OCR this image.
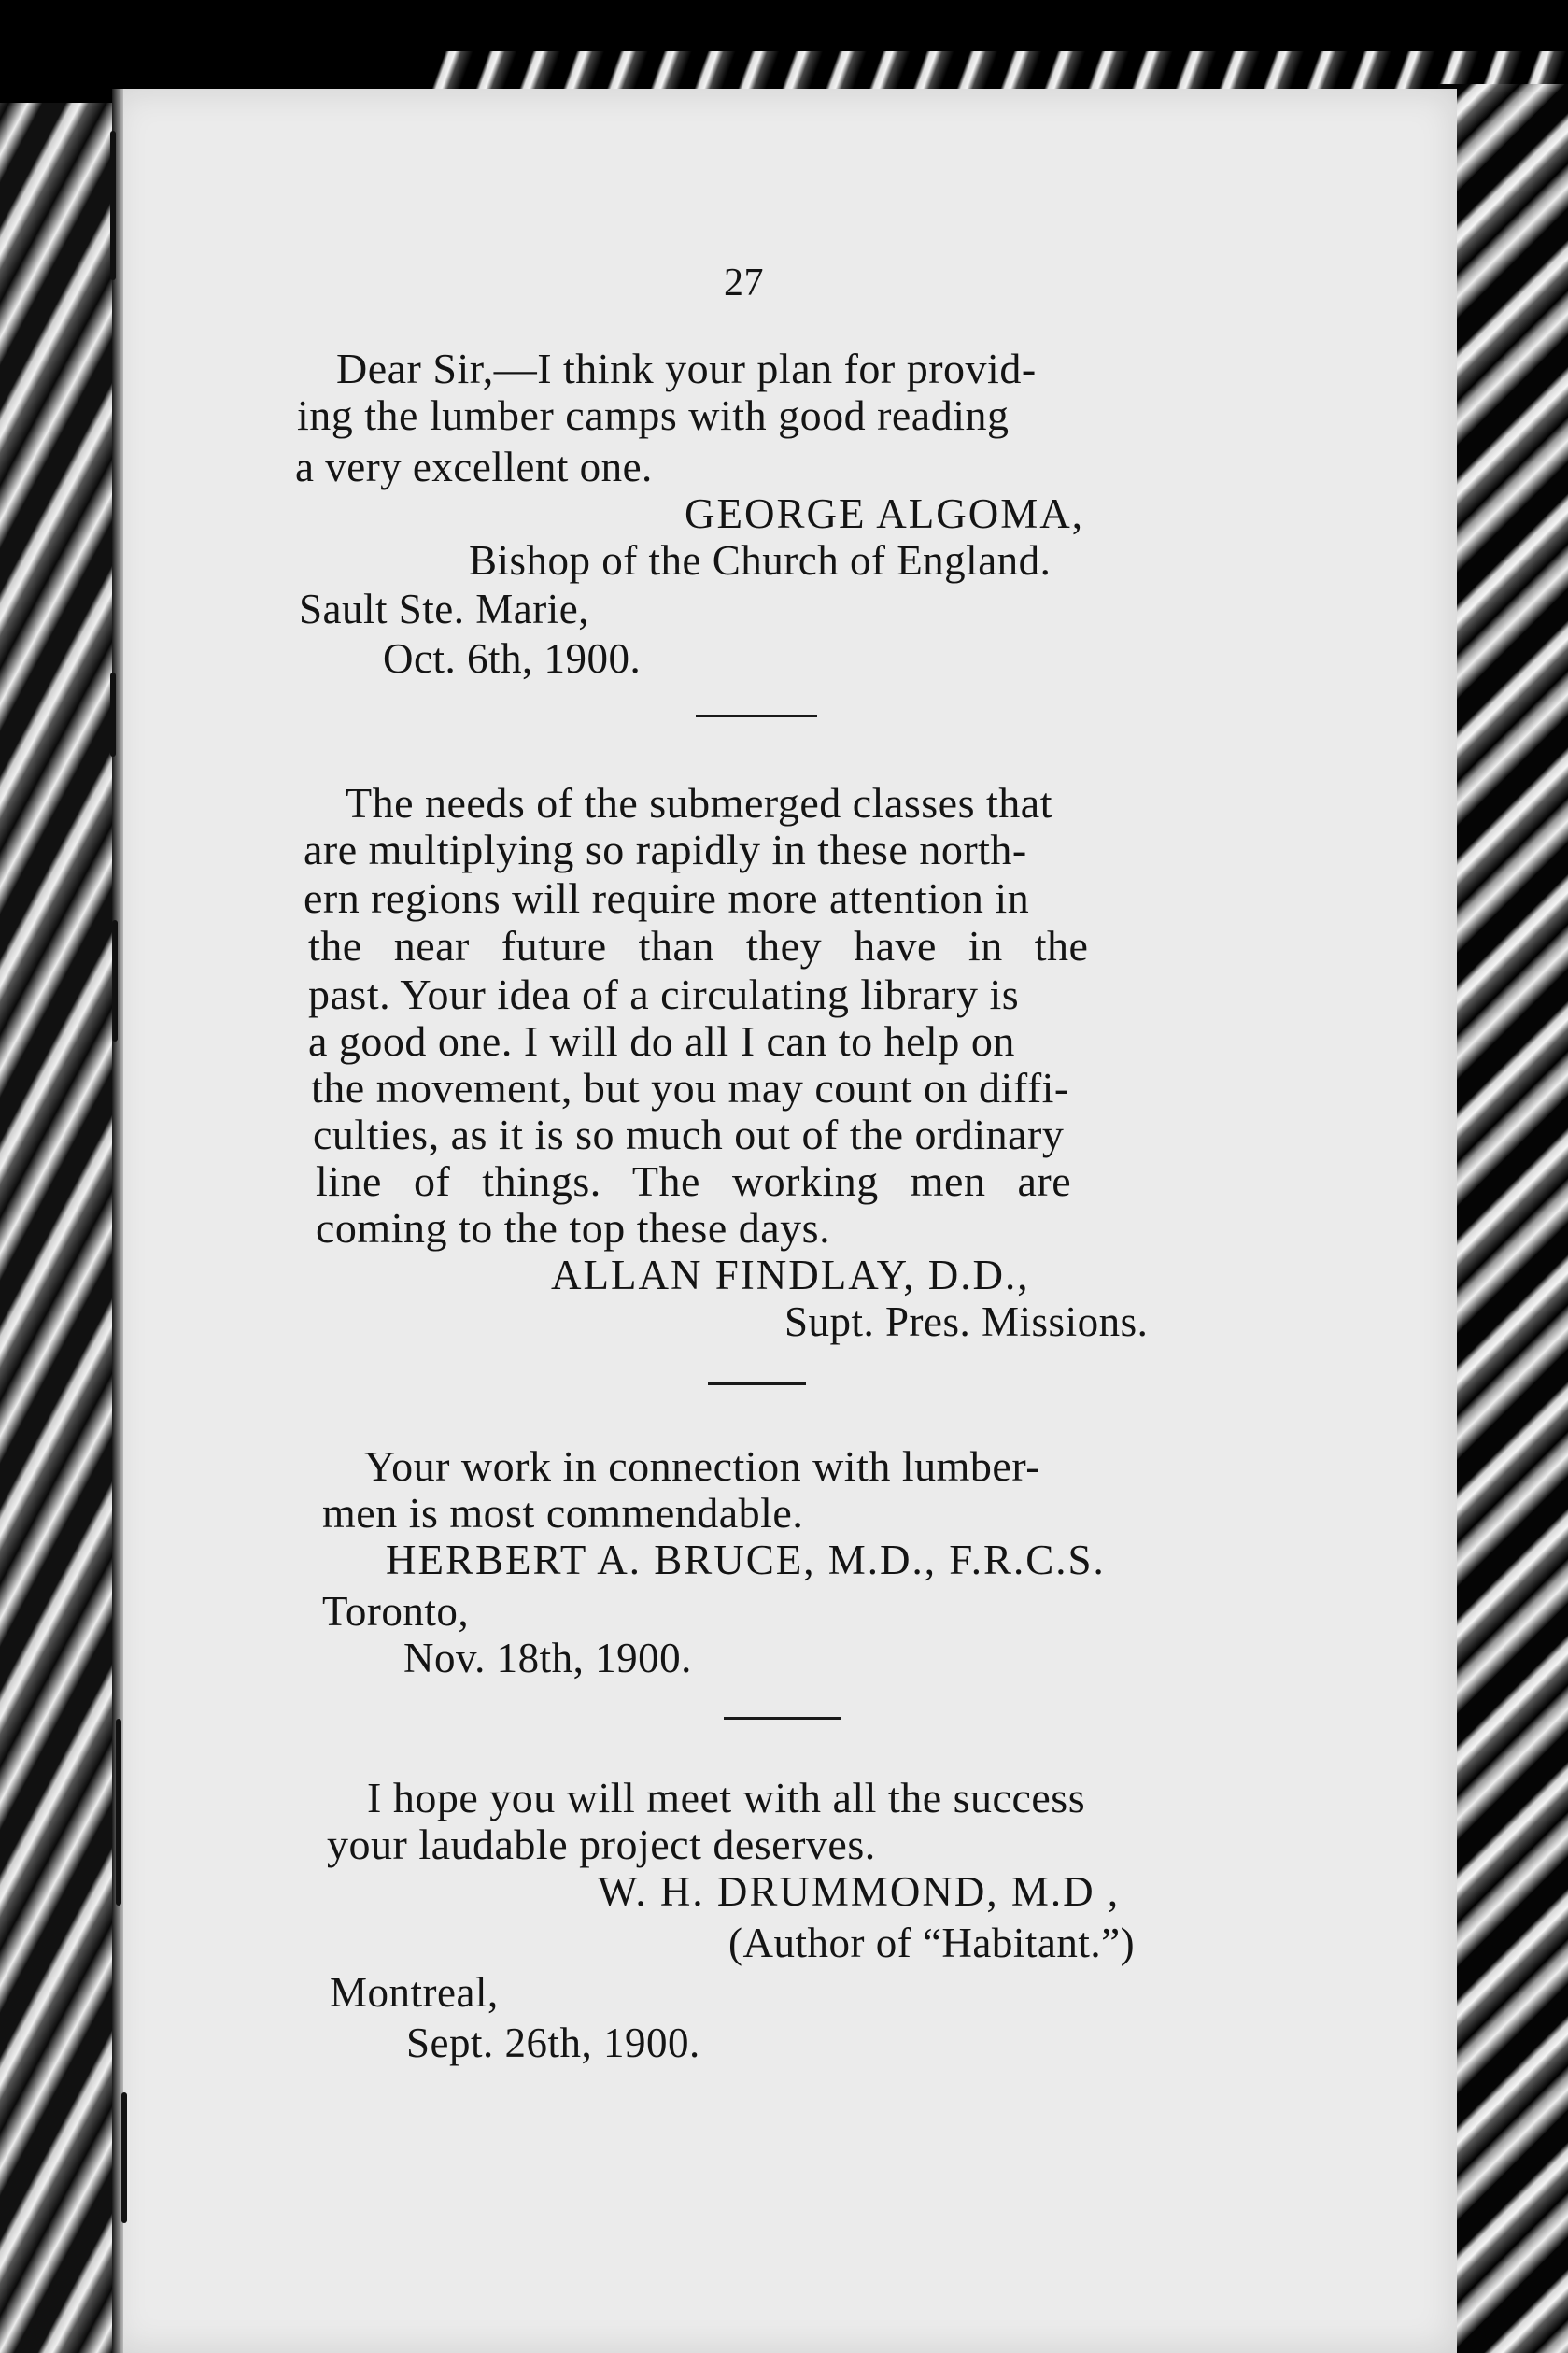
27
Dear Sir,—I think your plan for provid-
ing the lumber camps with good reading
a very excellent one.
GEORGE ALGOMA,
Bishop of the Church of England.
Sault Ste. Marie,
Oct. 6th, 1900.
The needs of the submerged classes that
are multiplying so rapidly in these north-
ern regions will require more attention in
the near future than they have in the
past. Your idea of a circulating library is
a good one. I will do all I can to help on
the movement, but you may count on diffi-
culties, as it is so much out of the ordinary
line of things. The working men are
coming to the top these days.
ALLAN FINDLAY, D.D.,
Supt. Pres. Missions.
Your work in connection with lumber-
men is most commendable.
HERBERT A. BRUCE, M.D., F.R.C.S.
Toronto,
Nov. 18th, 1900.
I hope you will meet with all the success
your laudable project deserves.
W. H. DRUMMOND, M.D ,
(Author of “Habitant.”)
Montreal,
Sept. 26th, 1900.
